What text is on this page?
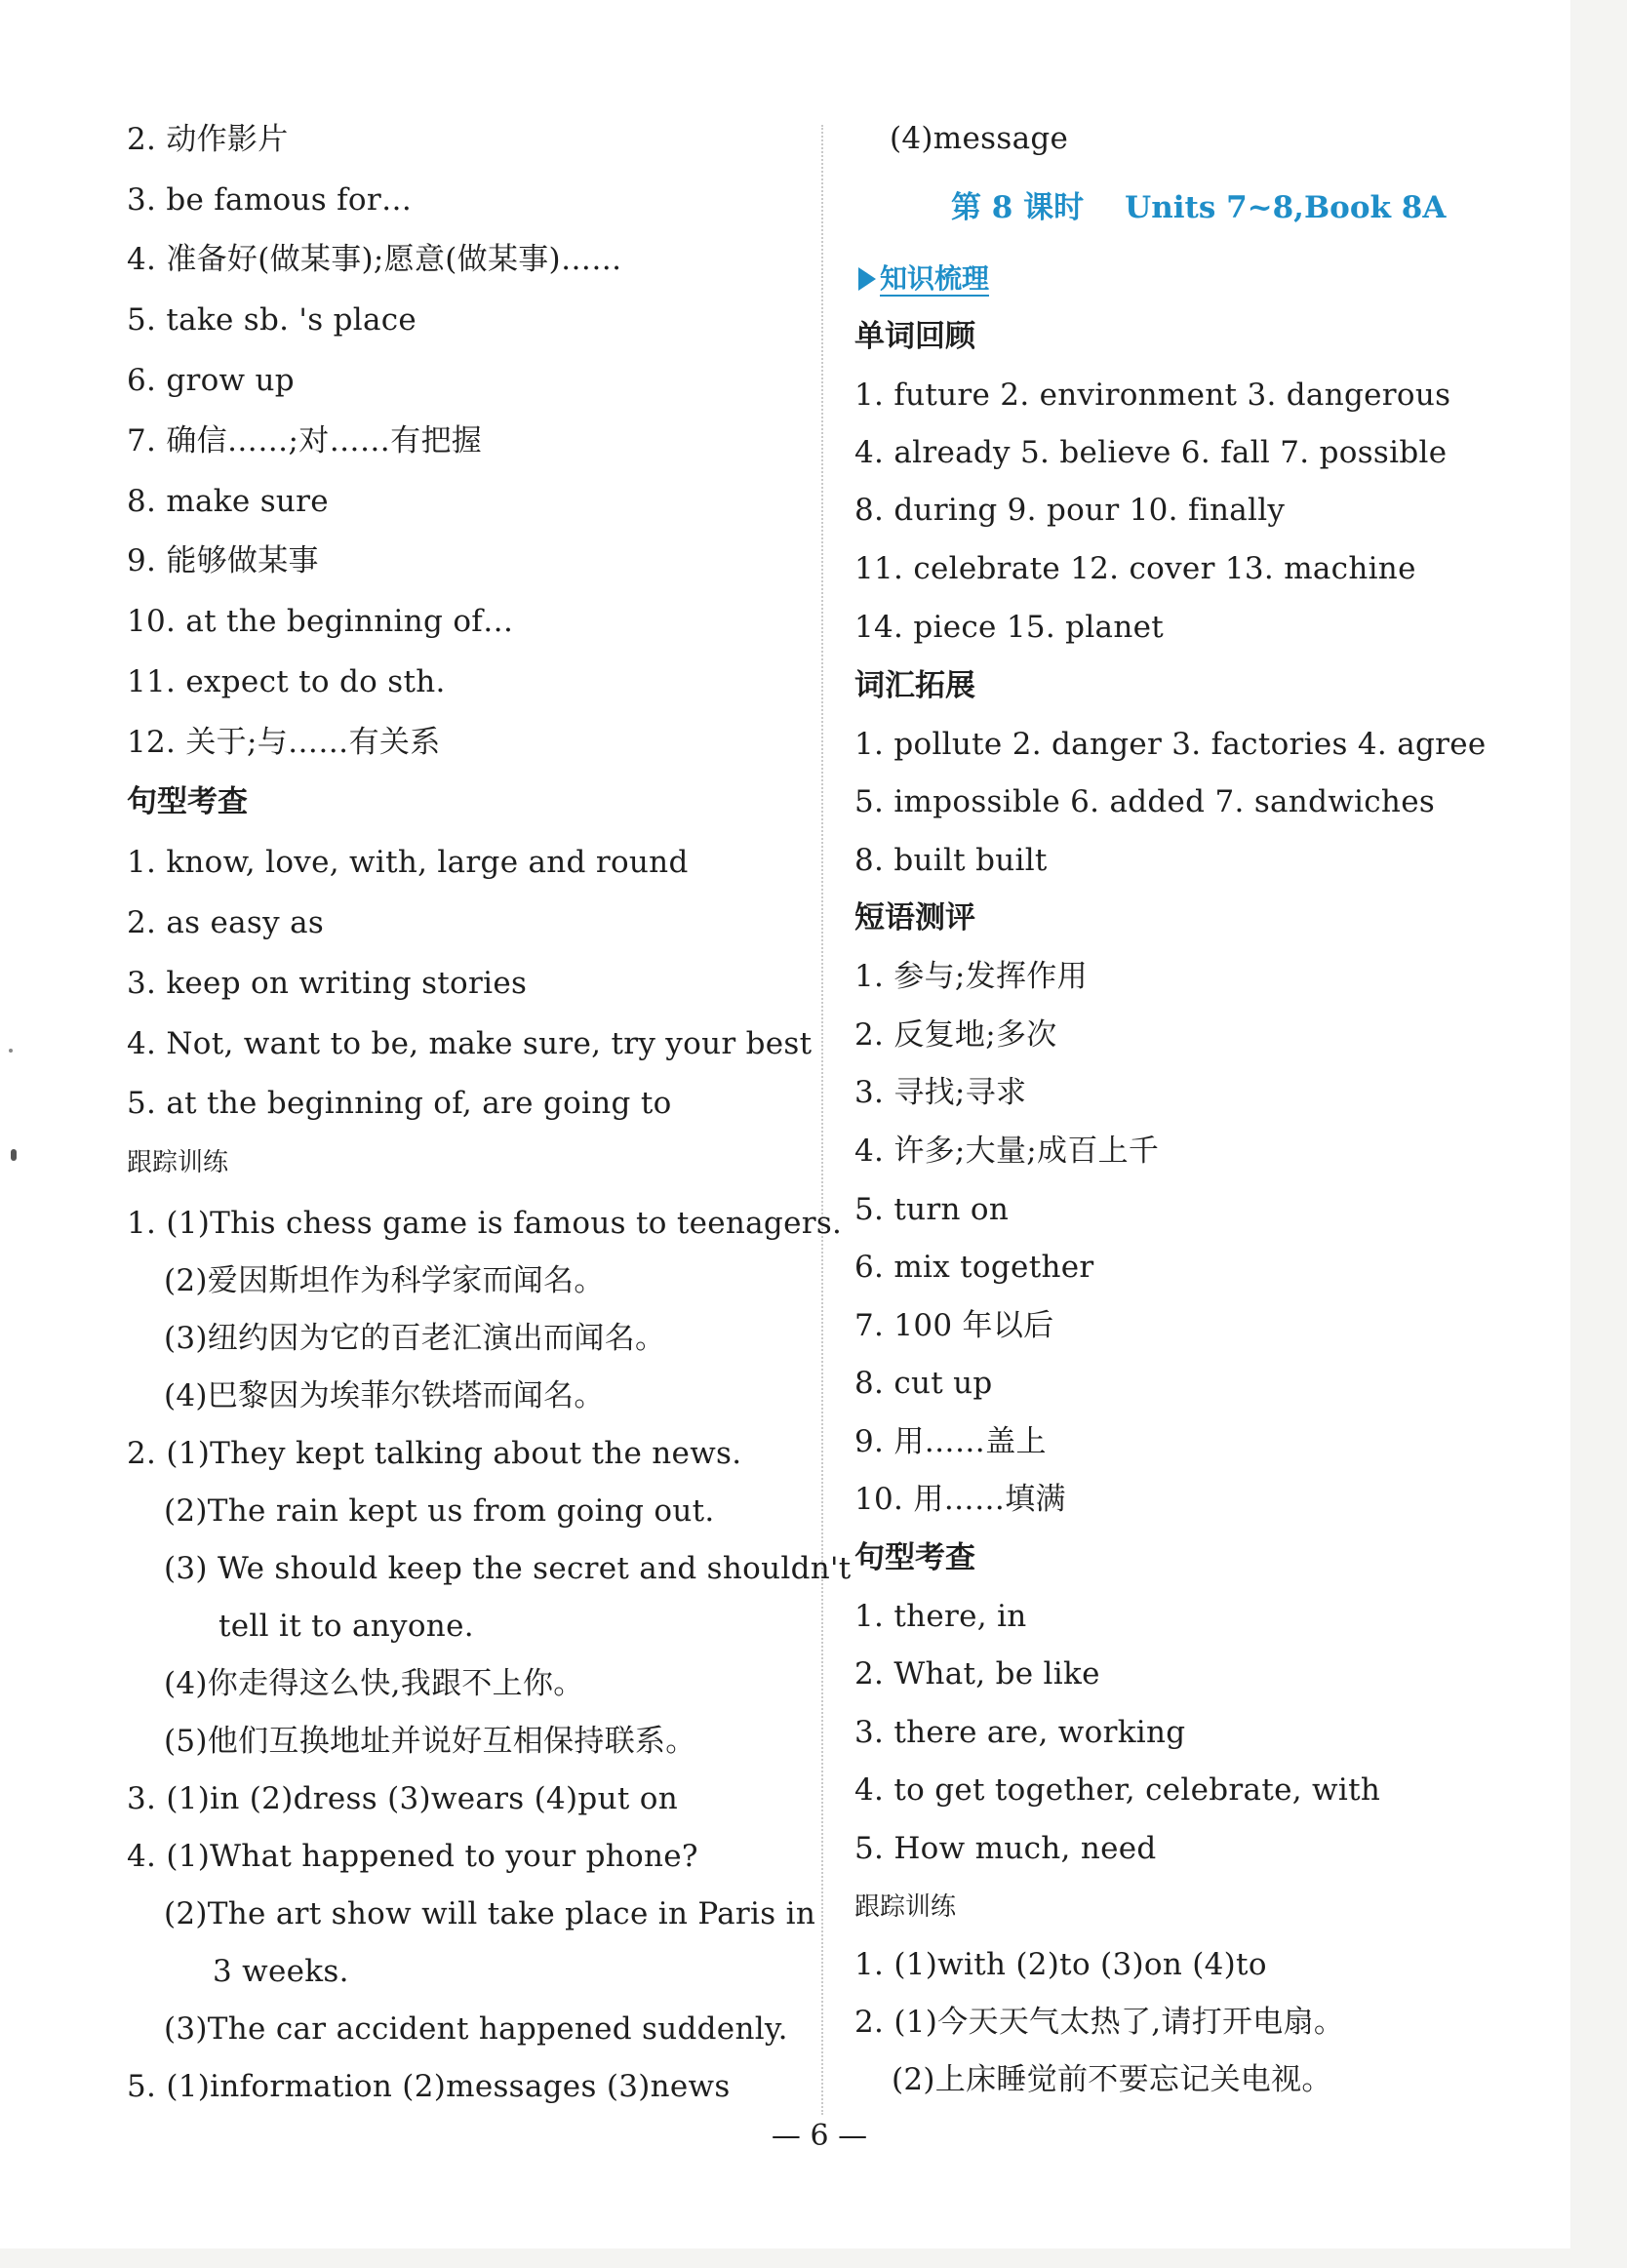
2. 动作影片
3. be famous for…
4. 准备好(做某事);愿意(做某事)……
5. take sb. 's place
6. grow up
7. 确信……;对……有把握
8. make sure
9. 能够做某事
10. at the beginning of…
11. expect to do sth.
12. 关于;与……有关系
句型考查
1. know, love, with, large and round
2. as easy as
3. keep on writing stories
4. Not, want to be, make sure, try your best
5. at the beginning of, are going to
跟踪训练
1. (1)This chess game is famous to teenagers.
(2)爱因斯坦作为科学家而闻名。
(3)纽约因为它的百老汇演出而闻名。
(4)巴黎因为埃菲尔铁塔而闻名。
2. (1)They kept talking about the news.
(2)The rain kept us from going out.
(3) We should keep the secret and shouldn't
tell it to anyone.
(4)你走得这么快,我跟不上你。
(5)他们互换地址并说好互相保持联系。
3. (1)in (2)dress (3)wears (4)put on
4. (1)What happened to your phone?
(2)The art show will take place in Paris in
3 weeks.
(3)The car accident happened suddenly.
5. (1)information (2)messages (3)news
(4)message
第 8 课时 Units 7~8,Book 8A
知识梳理
单词回顾
1. future 2. environment 3. dangerous
4. already 5. believe 6. fall 7. possible
8. during 9. pour 10. finally
11. celebrate 12. cover 13. machine
14. piece 15. planet
词汇拓展
1. pollute 2. danger 3. factories 4. agree
5. impossible 6. added 7. sandwiches
8. built built
短语测评
1. 参与;发挥作用
2. 反复地;多次
3. 寻找;寻求
4. 许多;大量;成百上千
5. turn on
6. mix together
7. 100 年以后
8. cut up
9. 用……盖上
10. 用……填满
句型考查
1. there, in
2. What, be like
3. there are, working
4. to get together, celebrate, with
5. How much, need
跟踪训练
1. (1)with (2)to (3)on (4)to
2. (1)今天天气太热了,请打开电扇。
(2)上床睡觉前不要忘记关电视。
— 6 —
